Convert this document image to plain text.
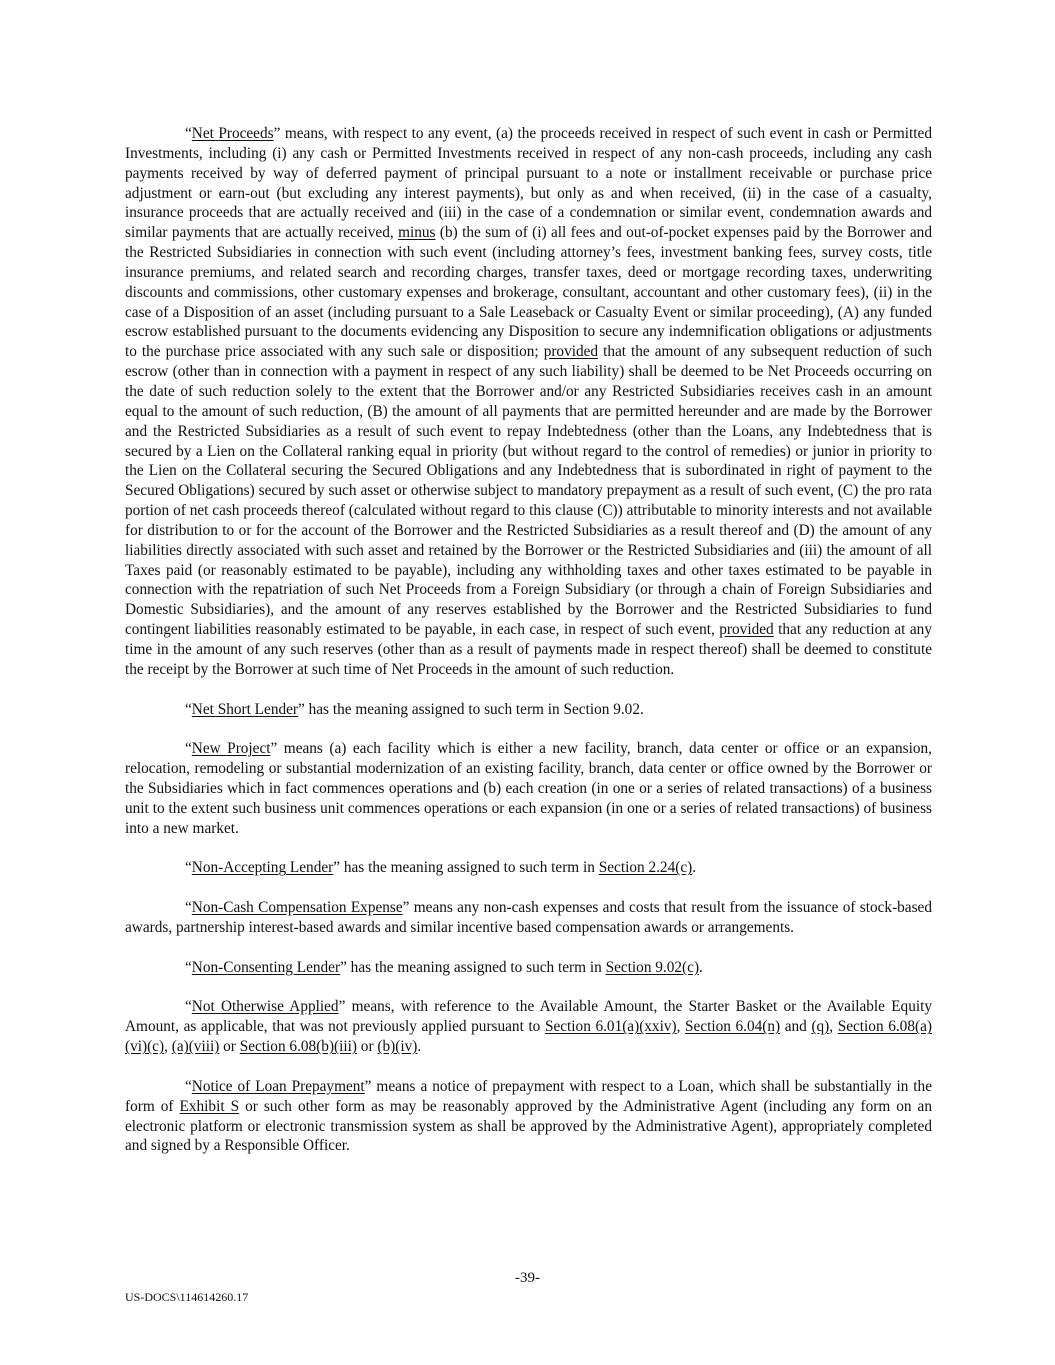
“Net Proceeds” means, with respect to any event, (a) the proceeds received in respect of such event in cash or Permitted Investments, including (i) any cash or Permitted Investments received in respect of any non-cash proceeds, including any cash payments received by way of deferred payment of principal pursuant to a note or installment receivable or purchase price adjustment or earn-out (but excluding any interest payments), but only as and when received, (ii) in the case of a casualty, insurance proceeds that are actually received and (iii) in the case of a condemnation or similar event, condemnation awards and similar payments that are actually received, minus (b) the sum of (i) all fees and out-of-pocket expenses paid by the Borrower and the Restricted Subsidiaries in connection with such event (including attorney’s fees, investment banking fees, survey costs, title insurance premiums, and related search and recording charges, transfer taxes, deed or mortgage recording taxes, underwriting discounts and commissions, other customary expenses and brokerage, consultant, accountant and other customary fees), (ii) in the case of a Disposition of an asset (including pursuant to a Sale Leaseback or Casualty Event or similar proceeding), (A) any funded escrow established pursuant to the documents evidencing any Disposition to secure any indemnification obligations or adjustments to the purchase price associated with any such sale or disposition; provided that the amount of any subsequent reduction of such escrow (other than in connection with a payment in respect of any such liability) shall be deemed to be Net Proceeds occurring on the date of such reduction solely to the extent that the Borrower and/or any Restricted Subsidiaries receives cash in an amount equal to the amount of such reduction, (B) the amount of all payments that are permitted hereunder and are made by the Borrower and the Restricted Subsidiaries as a result of such event to repay Indebtedness (other than the Loans, any Indebtedness that is secured by a Lien on the Collateral ranking equal in priority (but without regard to the control of remedies) or junior in priority to the Lien on the Collateral securing the Secured Obligations and any Indebtedness that is subordinated in right of payment to the Secured Obligations) secured by such asset or otherwise subject to mandatory prepayment as a result of such event, (C) the pro rata portion of net cash proceeds thereof (calculated without regard to this clause (C)) attributable to minority interests and not available for distribution to or for the account of the Borrower and the Restricted Subsidiaries as a result thereof and (D) the amount of any liabilities directly associated with such asset and retained by the Borrower or the Restricted Subsidiaries and (iii) the amount of all Taxes paid (or reasonably estimated to be payable), including any withholding taxes and other taxes estimated to be payable in connection with the repatriation of such Net Proceeds from a Foreign Subsidiary (or through a chain of Foreign Subsidiaries and Domestic Subsidiaries), and the amount of any reserves established by the Borrower and the Restricted Subsidiaries to fund contingent liabilities reasonably estimated to be payable, in each case, in respect of such event, provided that any reduction at any time in the amount of any such reserves (other than as a result of payments made in respect thereof) shall be deemed to constitute the receipt by the Borrower at such time of Net Proceeds in the amount of such reduction.

“Net Short Lender” has the meaning assigned to such term in Section 9.02.

“New Project” means (a) each facility which is either a new facility, branch, data center or office or an expansion, relocation, remodeling or substantial modernization of an existing facility, branch, data center or office owned by the Borrower or the Subsidiaries which in fact commences operations and (b) each creation (in one or a series of related transactions) of a business unit to the extent such business unit commences operations or each expansion (in one or a series of related transactions) of business into a new market.

“Non-Accepting Lender” has the meaning assigned to such term in Section 2.24(c).

“Non-Cash Compensation Expense” means any non-cash expenses and costs that result from the issuance of stock-based awards, partnership interest-based awards and similar incentive based compensation awards or arrangements.

“Non-Consenting Lender” has the meaning assigned to such term in Section 9.02(c).

“Not Otherwise Applied” means, with reference to the Available Amount, the Starter Basket or the Available Equity Amount, as applicable, that was not previously applied pursuant to Section 6.01(a)(xxiv), Section 6.04(n) and (q), Section 6.08(a)(vi)(c), (a)(viii) or Section 6.08(b)(iii) or (b)(iv).

“Notice of Loan Prepayment” means a notice of prepayment with respect to a Loan, which shall be substantially in the form of Exhibit S or such other form as may be reasonably approved by the Administrative Agent (including any form on an electronic platform or electronic transmission system as shall be approved by the Administrative Agent), appropriately completed and signed by a Responsible Officer.

-39-
US-DOCS\114614260.17
